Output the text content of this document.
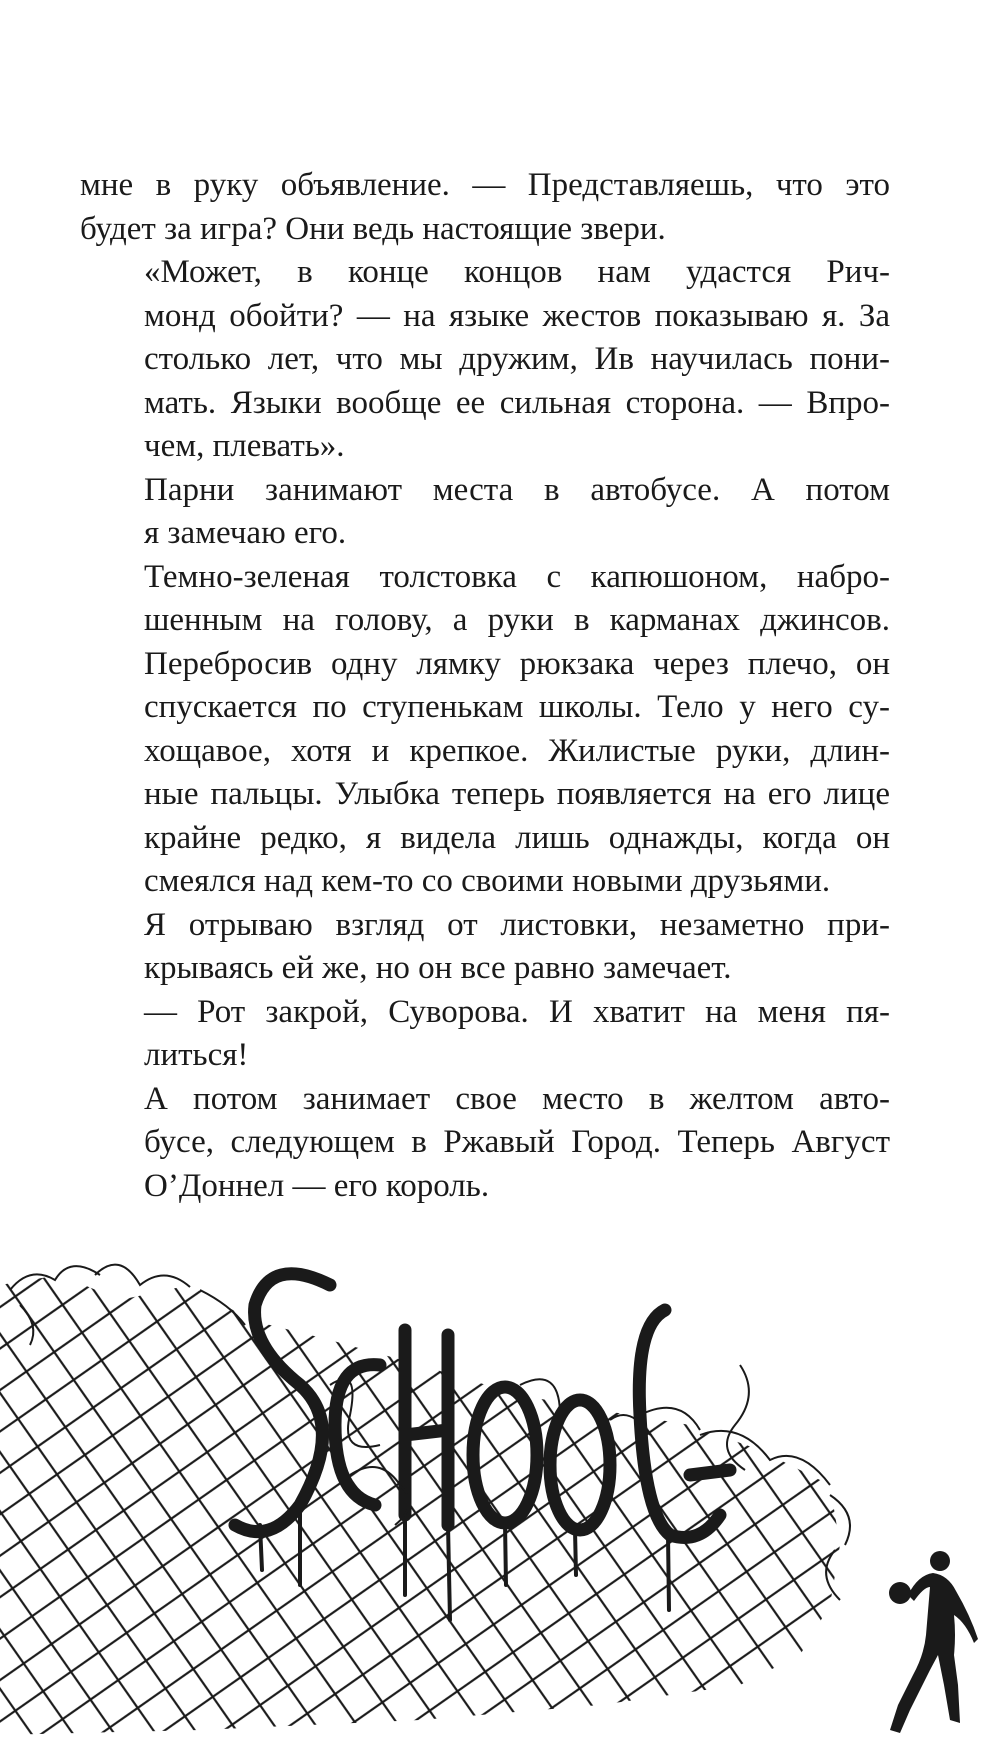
мне в руку объявление. — Представляешь, что это
будет за игра? Они ведь настоящие звери.

«Может, в конце концов нам удастся Рич-
монд обойти? — на языке жестов показываю я. За
столько лет, что мы дружим, Ив научилась пони-
мать. Языки вообще ее сильная сторона. — Впро-
чем, плевать».

Парни занимают места в автобусе. А потом
я замечаю его.

Темно-зеленая толстовка с капюшоном, набро-
шенным на голову, а руки в карманах джинсов.
Перебросив одну лямку рюкзака через плечо, он
спускается по ступенькам школы. Тело у него су-
хощавое, хотя и крепкое. Жилистые руки, длин-
ные пальцы. Улыбка теперь появляется на его лице
крайне редко, я видела лишь однажды, когда он
смеялся над кем-то со своими новыми друзьями.

Я отрываю взгляд от листовки, незаметно при-
крываясь ей же, но он все равно замечает.

— Рот закрой, Суворова. И хватит на меня пя-
литься!

А потом занимает свое место в желтом авто-
бусе, следующем в Ржавый Город. Теперь Август
О’Доннел — его король.
